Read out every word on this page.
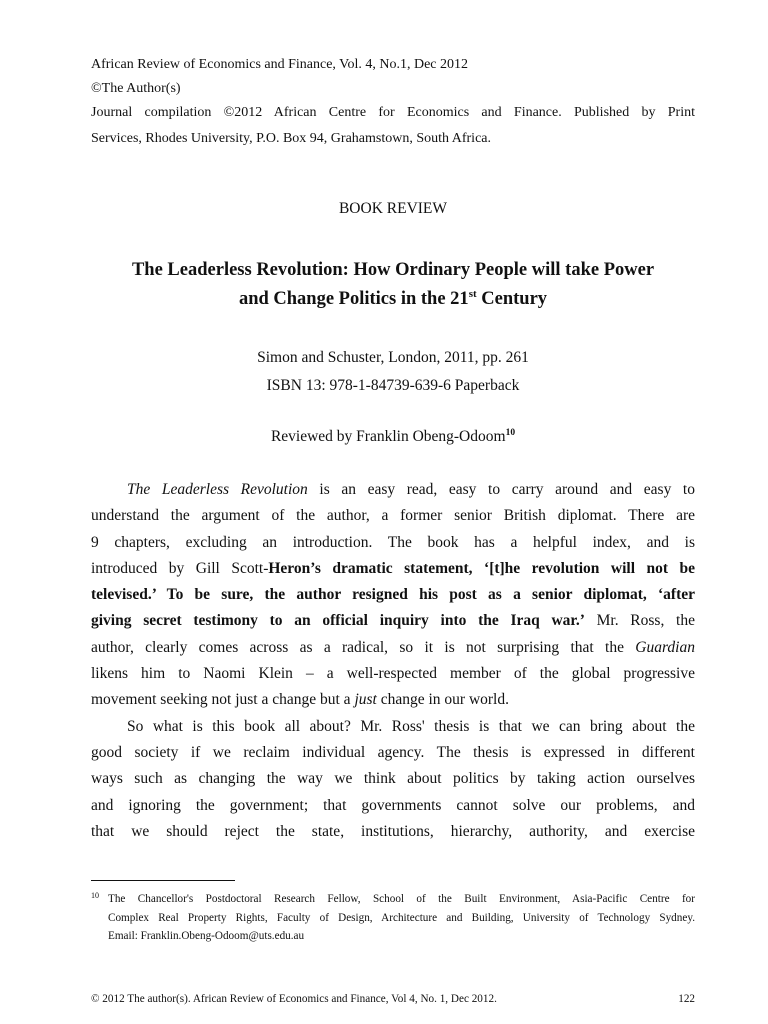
African Review of Economics and Finance, Vol. 4, No.1, Dec 2012
©The Author(s)
Journal compilation ©2012 African Centre for Economics and Finance. Published by Print
Services, Rhodes University, P.O. Box 94, Grahamstown, South Africa.
BOOK REVIEW
The Leaderless Revolution: How Ordinary People will take Power
and Change Politics in the 21st Century
Simon and Schuster, London, 2011, pp. 261
ISBN 13: 978-1-84739-639-6 Paperback
Reviewed by Franklin Obeng-Odoom$^{10}$
The Leaderless Revolution is an easy read, easy to carry around and easy to
understand the argument of the author, a former senior British diplomat. There are
9 chapters, excluding an introduction. The book has a helpful index, and is
introduced by Gill Scott-Heron’s dramatic statement, ‘[t]he revolution will not be
televised.’ To be sure, the author resigned his post as a senior diplomat, ‘after
giving secret testimony to an official inquiry into the Iraq war.’ Mr. Ross, the
author, clearly comes across as a radical, so it is not surprising that the Guardian
likens him to Naomi Klein – a well-respected member of the global progressive
movement seeking not just a change but a just change in our world.
So what is this book all about? Mr. Ross' thesis is that we can bring about the
good society if we reclaim individual agency. The thesis is expressed in different
ways such as changing the way we think about politics by taking action ourselves
and ignoring the government; that governments cannot solve our problems, and
that we should reject the state, institutions, hierarchy, authority, and exercise
10 The Chancellor's Postdoctoral Research Fellow, School of the Built Environment, Asia-Pacific Centre for
Complex Real Property Rights, Faculty of Design, Architecture and Building, University of Technology Sydney.
Email: Franklin.Obeng-Odoom@uts.edu.au
© 2012 The author(s). African Review of Economics and Finance, Vol 4, No. 1, Dec 2012.	122
